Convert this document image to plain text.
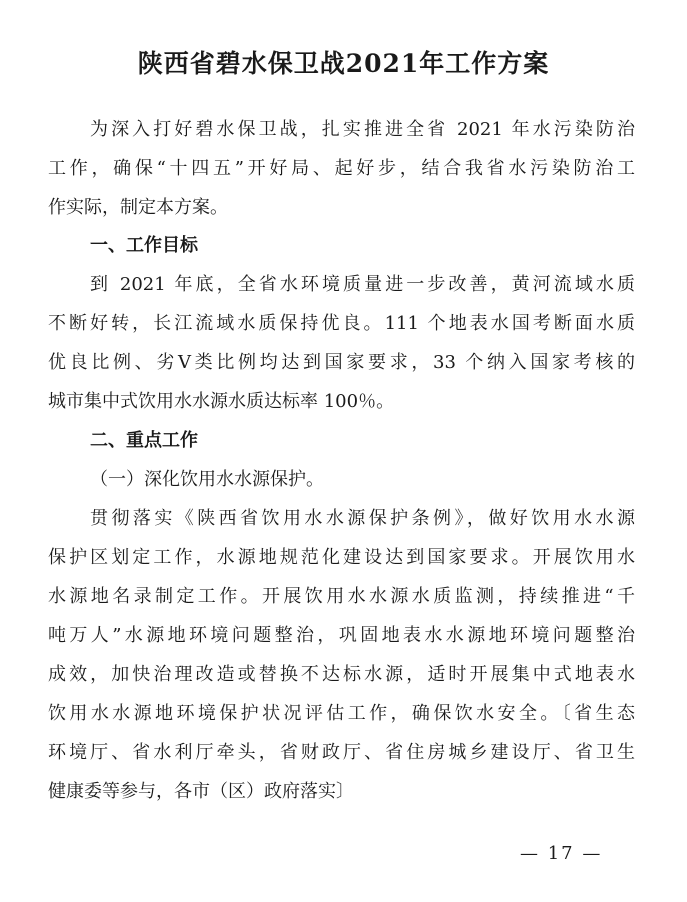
陕西省碧水保卫战2021年工作方案
为深入打好碧水保卫战，扎实推进全省 2021 年水污染防治
工作，确保“十四五”开好局、起好步，结合我省水污染防治工
作实际，制定本方案。
一、工作目标
到 2021 年底，全省水环境质量进一步改善，黄河流域水质
不断好转，长江流域水质保持优良。111 个地表水国考断面水质
优良比例、劣Ⅴ类比例均达到国家要求，33 个纳入国家考核的
城市集中式饮用水水源水质达标率 100％。
二、重点工作
（一）深化饮用水水源保护。
贯彻落实《陕西省饮用水水源保护条例》，做好饮用水水源
保护区划定工作，水源地规范化建设达到国家要求。开展饮用水
水源地名录制定工作。开展饮用水水源水质监测，持续推进“千
吨万人”水源地环境问题整治，巩固地表水水源地环境问题整治
成效，加快治理改造或替换不达标水源，适时开展集中式地表水
饮用水水源地环境保护状况评估工作，确保饮水安全。〔省生态
环境厅、省水利厅牵头，省财政厅、省住房城乡建设厅、省卫生
健康委等参与，各市（区）政府落实〕
— 17 —
